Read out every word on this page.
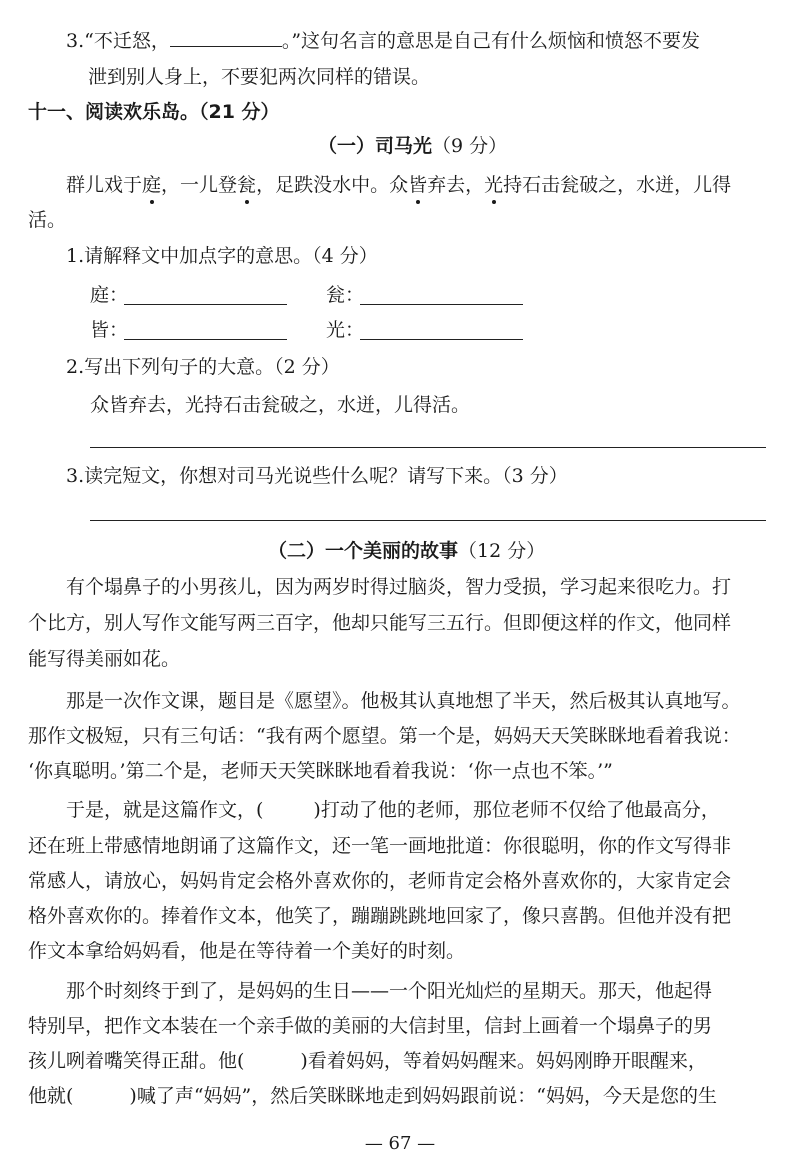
3.“不迁怒，	。”这句名言的意思是自己有什么烦恼和愤怒不要发
泄到别人身上，不要犯两次同样的错误。
十一、阅读欢乐岛。（21 分）
（一）司马光（9 分）
群儿戏于庭，一儿登瓮，足跌没水中。众皆弃去，光持石击瓮破之，水迸，儿得
活。
1.请解释文中加点字的意思。（4 分）
庭：	瓮：
皆：	光：
2.写出下列句子的大意。（2 分）
众皆弃去，光持石击瓮破之，水迸，儿得活。
3.读完短文，你想对司马光说些什么呢？请写下来。（3 分）
（二）一个美丽的故事（12 分）
有个塌鼻子的小男孩儿，因为两岁时得过脑炎，智力受损，学习起来很吃力。打
个比方，别人写作文能写两三百字，他却只能写三五行。但即便这样的作文，他同样
能写得美丽如花。
那是一次作文课，题目是《愿望》。他极其认真地想了半天，然后极其认真地写。
那作文极短，只有三句话：“我有两个愿望。第一个是，妈妈天天笑眯眯地看着我说：
‘你真聪明。’第二个是，老师天天笑眯眯地看着我说：‘你一点也不笨。’”
于是，就是这篇作文，(	)打动了他的老师，那位老师不仅给了他最高分，
还在班上带感情地朗诵了这篇作文，还一笔一画地批道：你很聪明，你的作文写得非
常感人，请放心，妈妈肯定会格外喜欢你的，老师肯定会格外喜欢你的，大家肯定会
格外喜欢你的。捧着作文本，他笑了，蹦蹦跳跳地回家了，像只喜鹊。但他并没有把
作文本拿给妈妈看，他是在等待着一个美好的时刻。
那个时刻终于到了，是妈妈的生日——一个阳光灿烂的星期天。那天，他起得
特别早，把作文本装在一个亲手做的美丽的大信封里，信封上画着一个塌鼻子的男
孩儿咧着嘴笑得正甜。他(	)看着妈妈，等着妈妈醒来。妈妈刚睁开眼醒来，
他就(	)喊了声“妈妈”，然后笑眯眯地走到妈妈跟前说：“妈妈，今天是您的生
— 67 —
